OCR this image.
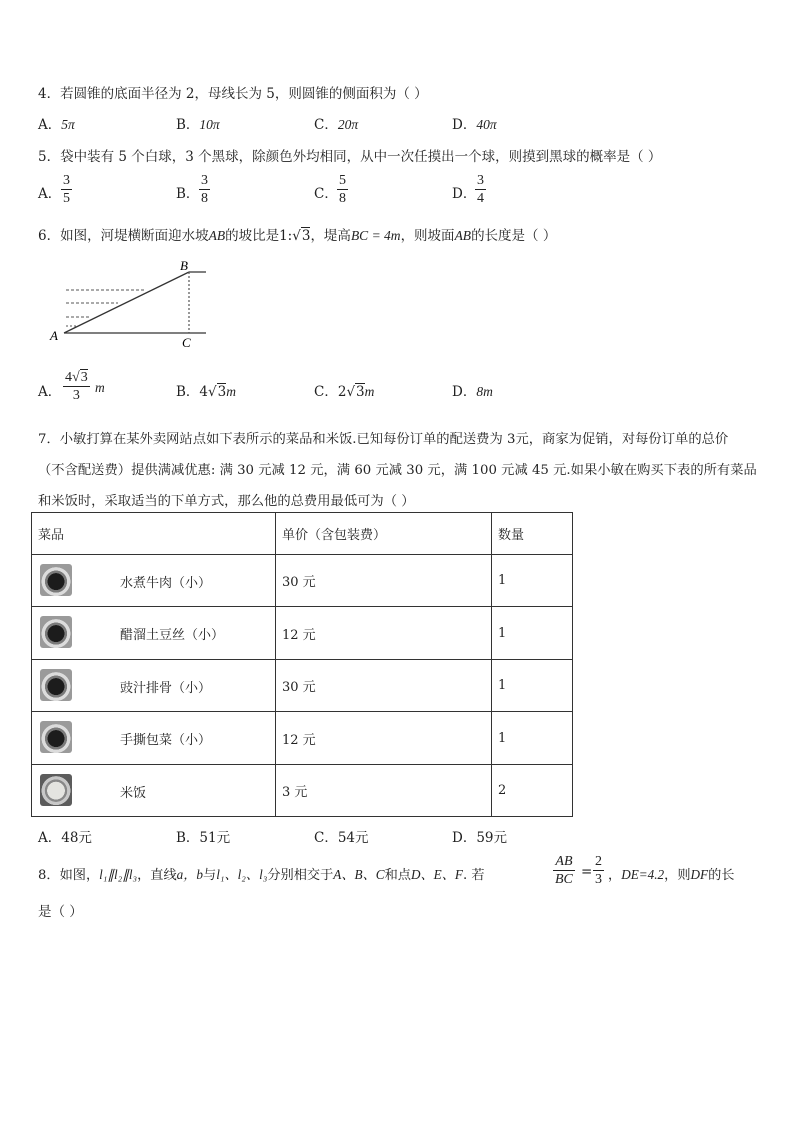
4．若圆锥的底面半径为 2，母线长为 5，则圆锥的侧面积为（ ）
A．5π	B．10π	C．20π	D．40π
5．袋中装有 5 个白球，3 个黑球，除颜色外均相同，从中一次任摸出一个球，则摸到黑球的概率是（ ）
A． $\frac{3}{5}$	B． $\frac{3}{8}$	C． $\frac{5}{8}$	D．
$\frac{3}{4}$
6．如图，河堤横断面迎水坡AB的坡比是1:√3，堤高BC = 4m，则坡面AB的长度是（ ）
A
B
C
A． $\frac{4√3}{3}$ m	B．4√3m	C．2√3m	D．8m
7．小敏打算在某外卖网站点如下表所示的菜品和米饭.已知每份订单的配送费为 3元，商家为促销，对每份订单的总价
（不含配送费）提供满减优惠: 满 30 元减 12 元，满 60 元减 30 元，满 100 元减 45 元.如果小敏在购买下表的所有菜品
和米饭时，采取适当的下单方式，那么他的总费用最低可为（ ）
菜品	单价（含包装费）	数量

水煮牛肉（小）	30 元	1

醋溜土豆丝（小）	12 元	1

豉汁排骨（小）	30 元	1

手撕包菜（小）	12 元	1

米饭	3 元	2
A．48元	B．51元	C．54元	D．59元
8．如图，l₁∥l₂∥l₃，直线a，b与l₁、l₂、l₃分别相交于A、B、C和点D、E、F. 若	$\frac{AB}{BC} = \frac{2}{3}$ ，DE=4.2，则DF的长
是（ ）
